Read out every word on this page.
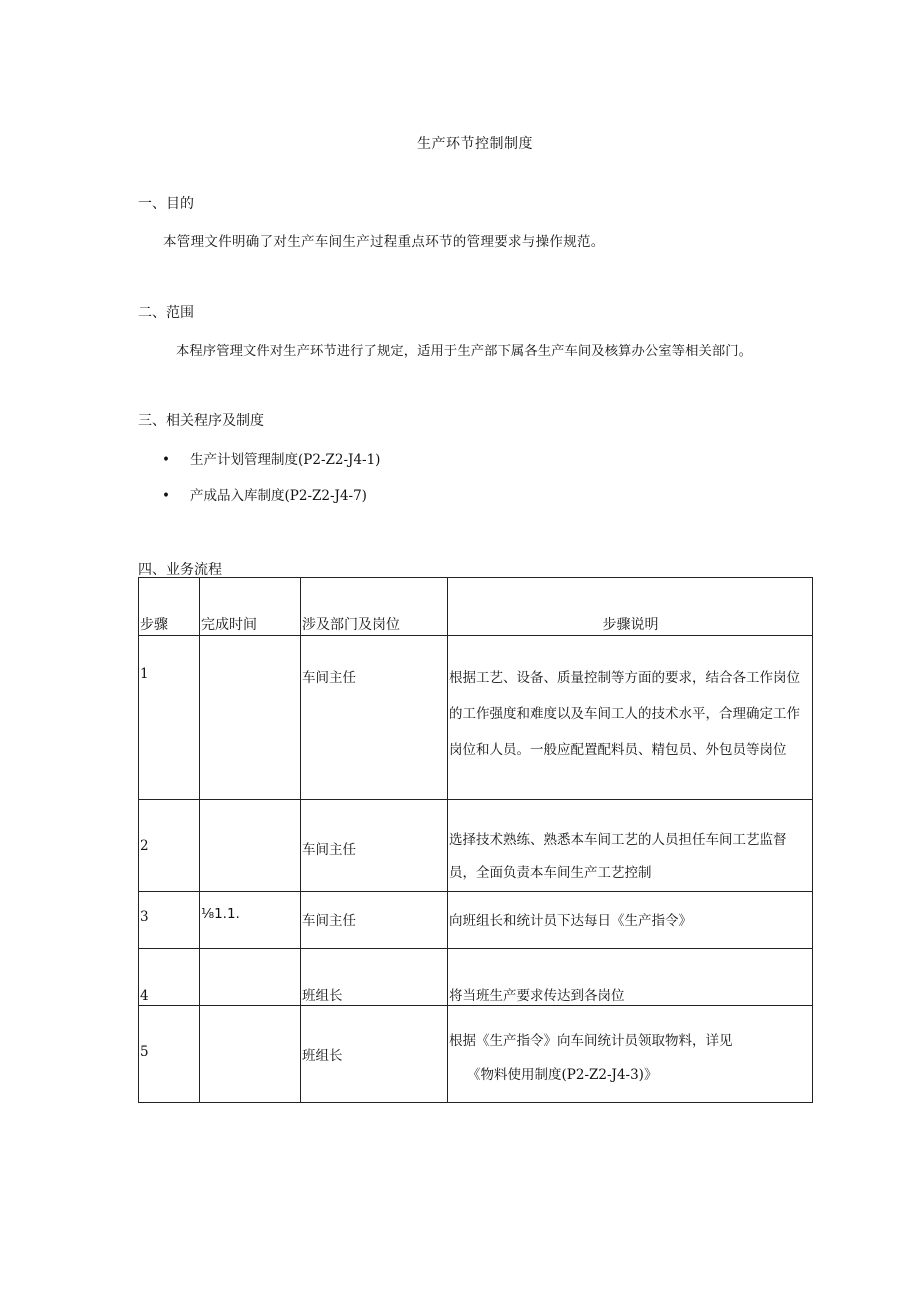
生产环节控制制度
一、目的
本管理文件明确了对生产车间生产过程重点环节的管理要求与操作规范。
二、范围
本程序管理文件对生产环节进行了规定，适用于生产部下属各生产车间及核算办公室等相关部门。
三、相关程序及制度
• 生产计划管理制度(P2-Z2-J4-1)
• 产成品入库制度(P2-Z2-J4-7)
四、业务流程
步骤	完成时间	涉及部门及岗位	步骤说明
1		车间主任	根据工艺、设备、质量控制等方面的要求，结合各工作岗位的工作强度和难度以及车间工人的技术水平，合理确定工作岗位和人员。一般应配置配料员、精包员、外包员等岗位

2		车间主任	选择技术熟练、熟悉本车间工艺的人员担任车间工艺监督员，全面负责本车间生产工艺控制

3	⅛1.1.	车间主任	向班组长和统计员下达每日《生产指令》
4		班组长	将当班生产要求传达到各岗位
5		班组长	根据《生产指令》向车间统计员领取物料，详见
《物料使用制度(P2-Z2-J4-3)》
